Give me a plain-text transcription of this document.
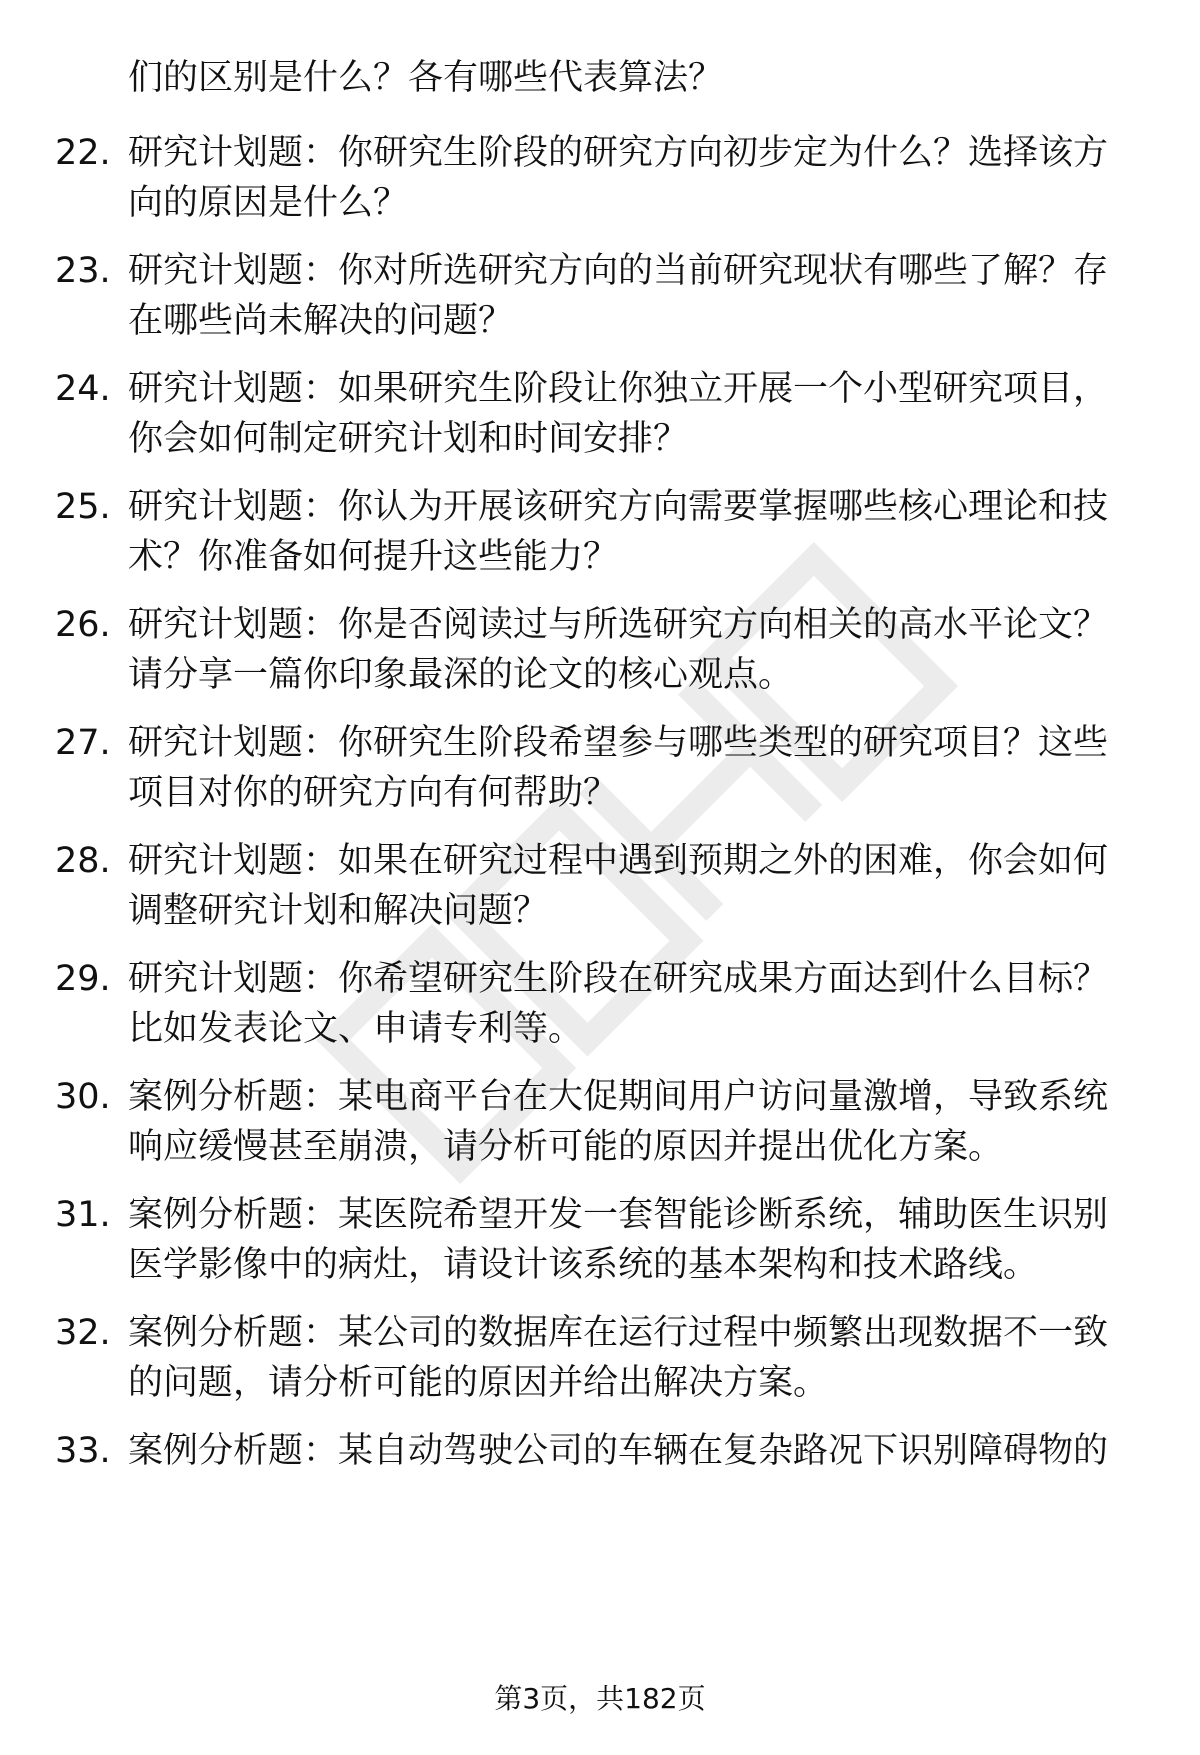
们的区别是什么？各有哪些代表算法？
22. 研究计划题：你研究生阶段的研究方向初步定为什么？选择该方
向的原因是什么？
23. 研究计划题：你对所选研究方向的当前研究现状有哪些了解？存
在哪些尚未解决的问题？
24. 研究计划题：如果研究生阶段让你独立开展一个小型研究项目，
你会如何制定研究计划和时间安排？
25. 研究计划题：你认为开展该研究方向需要掌握哪些核心理论和技
术？你准备如何提升这些能力？
26. 研究计划题：你是否阅读过与所选研究方向相关的高水平论文？
请分享一篇你印象最深的论文的核心观点。
27. 研究计划题：你研究生阶段希望参与哪些类型的研究项目？这些
项目对你的研究方向有何帮助？
28. 研究计划题：如果在研究过程中遇到预期之外的困难，你会如何
调整研究计划和解决问题？
29. 研究计划题：你希望研究生阶段在研究成果方面达到什么目标？
比如发表论文、申请专利等。
30. 案例分析题：某电商平台在大促期间用户访问量激增，导致系统
响应缓慢甚至崩溃，请分析可能的原因并提出优化方案。
31. 案例分析题：某医院希望开发一套智能诊断系统，辅助医生识别
医学影像中的病灶，请设计该系统的基本架构和技术路线。
32. 案例分析题：某公司的数据库在运行过程中频繁出现数据不一致
的问题，请分析可能的原因并给出解决方案。
33. 案例分析题：某自动驾驶公司的车辆在复杂路况下识别障碍物的
第3页，共182页
